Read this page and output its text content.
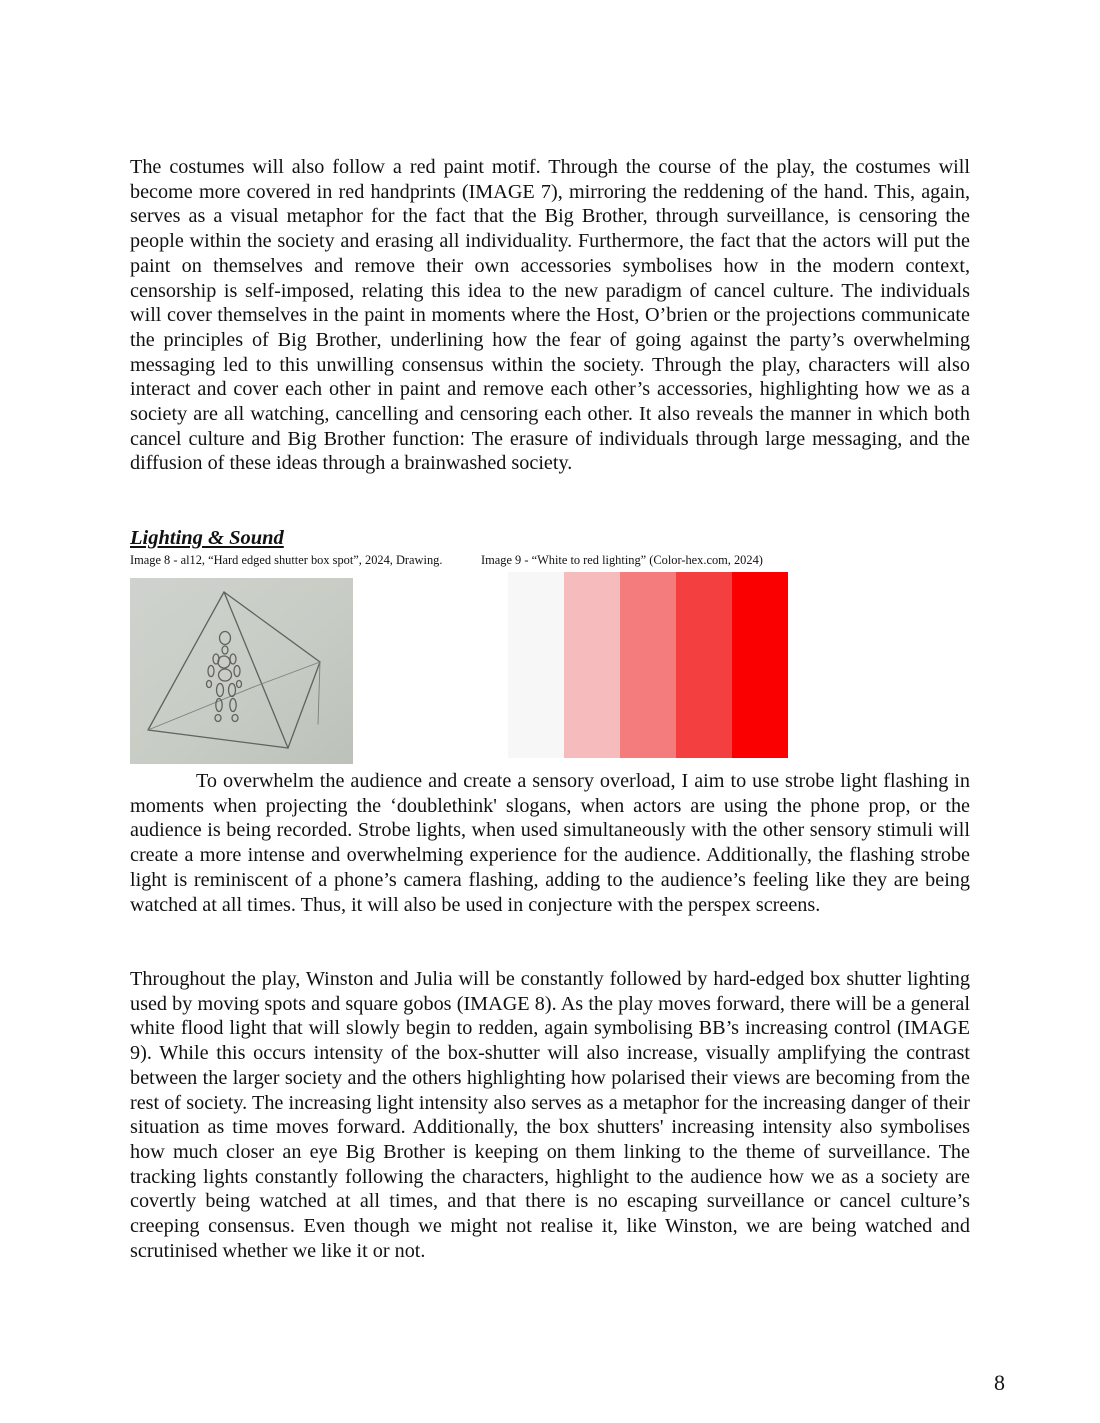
The costumes will also follow a red paint motif. Through the course of the play, the costumes will become more covered in red handprints (IMAGE 7), mirroring the reddening of the hand. This, again, serves as a visual metaphor for the fact that the Big Brother, through surveillance, is censoring the people within the society and erasing all individuality. Furthermore, the fact that the actors will put the paint on themselves and remove their own accessories symbolises how in the modern context, censorship is self-imposed, relating this idea to the new paradigm of cancel culture. The individuals will cover themselves in the paint in moments where the Host, O’brien or the projections communicate the principles of Big Brother, underlining how the fear of going against the party’s overwhelming messaging led to this unwilling consensus within the society. Through the play, characters will also interact and cover each other in paint and remove each other’s accessories, highlighting how we as a society are all watching, cancelling and censoring each other. It also reveals the manner in which both cancel culture and Big Brother function: The erasure of individuals through large messaging, and the diffusion of these ideas through a brainwashed society.

Lighting & Sound
Image 8 - al12, “Hard edged shutter box spot”, 2024, Drawing.	Image 9 - “White to red lighting” (Color-hex.com, 2024)

To overwhelm the audience and create a sensory overload, I aim to use strobe light flashing in moments when projecting the ‘doublethink' slogans, when actors are using the phone prop, or the audience is being recorded. Strobe lights, when used simultaneously with the other sensory stimuli will create a more intense and overwhelming experience for the audience. Additionally, the flashing strobe light is reminiscent of a phone’s camera flashing, adding to the audience’s feeling like they are being watched at all times. Thus, it will also be used in conjecture with the perspex screens.

Throughout the play, Winston and Julia will be constantly followed by hard-edged box shutter lighting used by moving spots and square gobos (IMAGE 8). As the play moves forward, there will be a general white flood light that will slowly begin to redden, again symbolising BB’s increasing control (IMAGE 9). While this occurs intensity of the box-shutter will also increase, visually amplifying the contrast between the larger society and the others highlighting how polarised their views are becoming from the rest of society. The increasing light intensity also serves as a metaphor for the increasing danger of their situation as time moves forward. Additionally, the box shutters' increasing intensity also symbolises how much closer an eye Big Brother is keeping on them linking to the theme of surveillance. The tracking lights constantly following the characters, highlight to the audience how we as a society are covertly being watched at all times, and that there is no escaping surveillance or cancel culture’s creeping consensus. Even though we might not realise it, like Winston, we are being watched and scrutinised whether we like it or not.

8
